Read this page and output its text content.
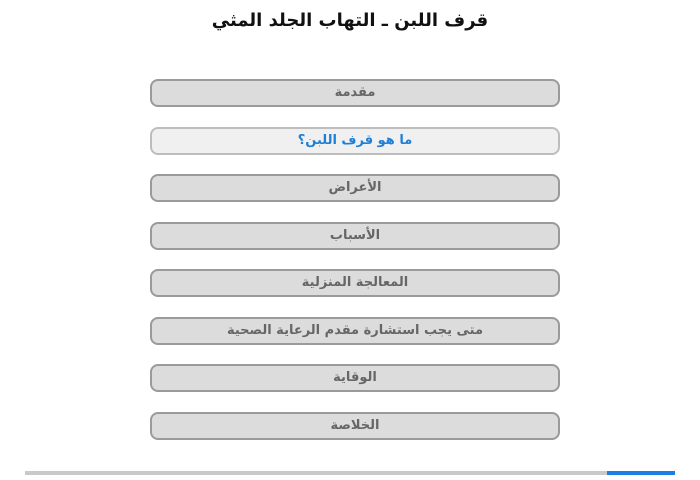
قرف اللبن ـ التهاب الجلد المثي
مقدمة
ما هو قرف اللبن؟
الأعراض
الأسباب
المعالجة المنزلية
متى يجب استشارة مقدم الرعاية الصحية
الوقاية
الخلاصة
